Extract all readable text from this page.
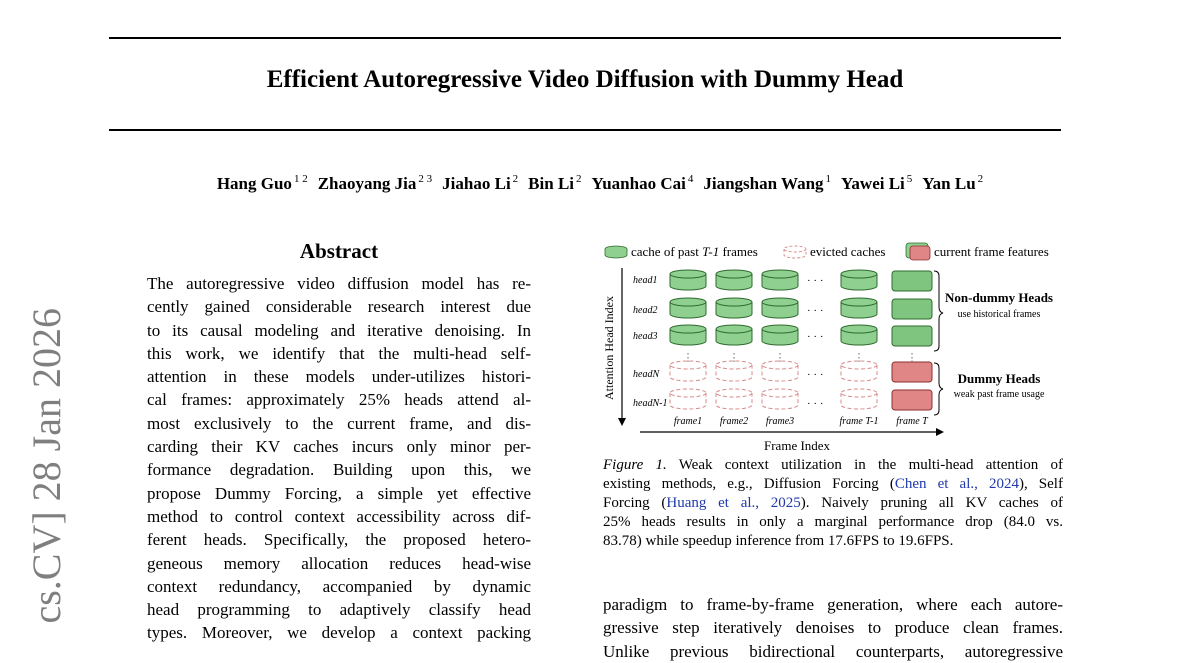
Efficient Autoregressive Video Diffusion with Dummy Head
Hang Guo $^{1 2}$ Zhaoyang Jia $^{2 3}$ Jiahao Li $^2$ Bin Li $^2$ Yuanhao Cai $^4$ Jiangshan Wang $^1$ Yawei Li $^5$ Yan Lu $^2$
cs.CV] 28 Jan 2026
Abstract
The autoregressive video diffusion model has re-
cently gained considerable research interest due
to its causal modeling and iterative denoising. In
this work, we identify that the multi-head self-
attention in these models under-utilizes histori-
cal frames: approximately 25% heads attend al-
most exclusively to the current frame, and dis-
carding their KV caches incurs only minor per-
formance degradation. Building upon this, we
propose Dummy Forcing, a simple yet effective
method to control context accessibility across dif-
ferent heads. Specifically, the proposed hetero-
geneous memory allocation reduces head-wise
context redundancy, accompanied by dynamic
head programming to adaptively classify head
types. Moreover, we develop a context packing
cache of past T-1 frames	evicted caches	current frame features
Attention Head Index
Frame Index
head1	· · ·
head2	· · ·
head3	· · ·
headN	· · ·
headN-1	· · ·
⋮	⋮	⋮	⋮	⋮
frame1 frame2 frame3	frame T-1 frame T
Non-dummy Heads
use historical frames
Dummy Heads
weak past frame usage
Figure 1. Weak context utilization in the multi-head attention of
existing methods, e.g., Diffusion Forcing (Chen et al., 2024), Self
Forcing (Huang et al., 2025). Naively pruning all KV caches of
25% heads results in only a marginal performance drop (84.0 vs.
83.78) while speedup inference from 17.6FPS to 19.6FPS.
paradigm to frame-by-frame generation, where each autore-
gressive step iteratively denoises to produce clean frames.
Unlike previous bidirectional counterparts, autoregressive
